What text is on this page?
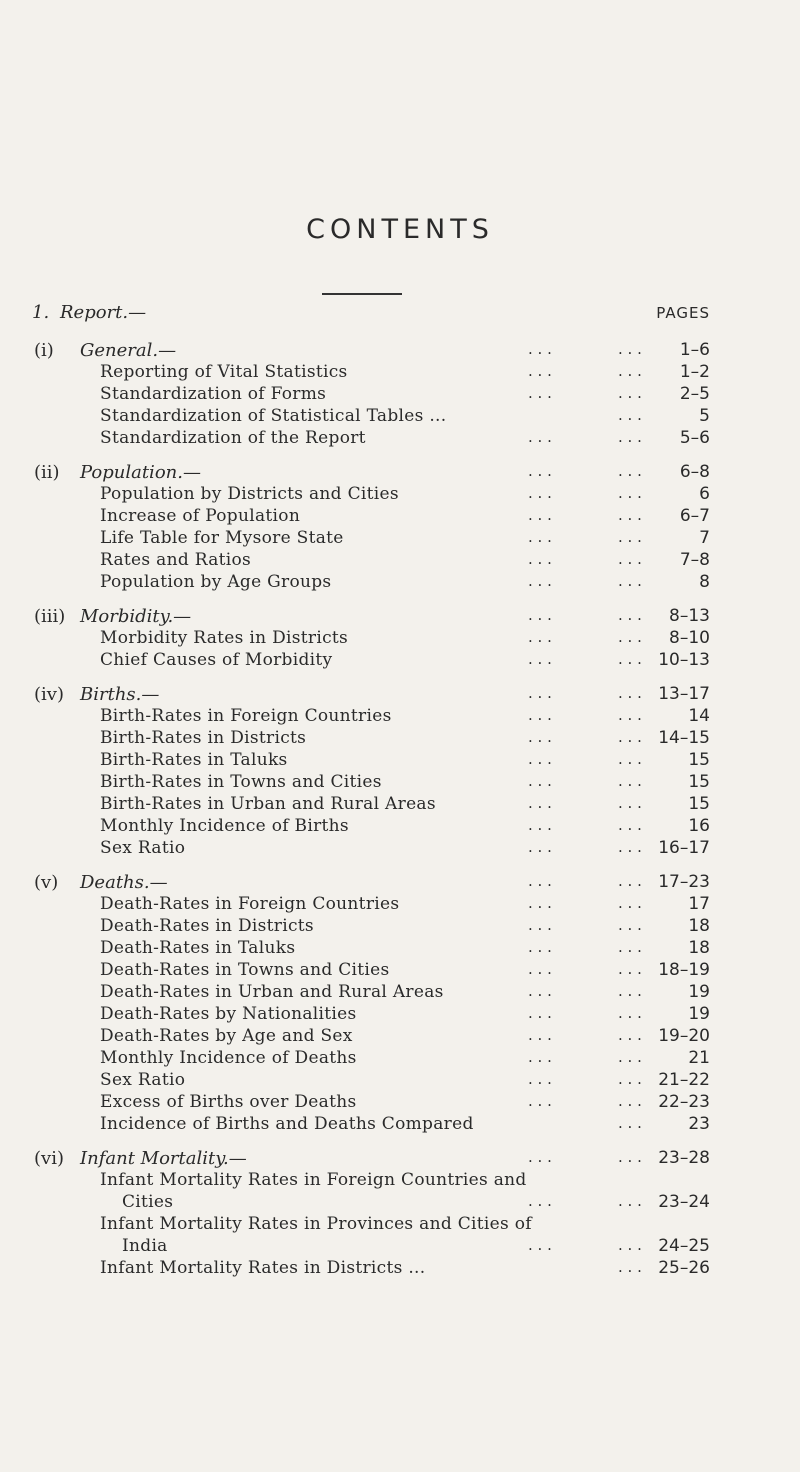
CONTENTS
1. Report.—	PAGES
(i) General.—	. . .	. . . 1–6
Reporting of Vital Statistics	. . .	. . . 1–2
Standardization of Forms	. . .	. . . 2–5
Standardization of Statistical Tables ...	. . .	5
Standardization of the Report	. . .	. . . 5–6
(ii) Population.—	. . .	. . . 6–8
Population by Districts and Cities	. . .	. . .	6
Increase of Population	. . .	. . . 6–7
Life Table for Mysore State	. . .	. . .	7
Rates and Ratios	. . .	. . . 7–8
Population by Age Groups	. . .	. . .	8
(iii) Morbidity.—	. . .	. . . 8–13
Morbidity Rates in Districts	. . .	. . . 8–10
Chief Causes of Morbidity	. . .	. . . 10–13
(iv) Births.—	. . .	. . . 13–17
Birth-Rates in Foreign Countries	. . .	. . .	14
Birth-Rates in Districts	. . .	. . . 14–15
Birth-Rates in Taluks	. . .	. . .	15
Birth-Rates in Towns and Cities	. . .	. . .	15
Birth-Rates in Urban and Rural Areas	. . .	. . .	15
Monthly Incidence of Births	. . .	. . .	16
Sex Ratio	. . .	. . . 16–17
(v) Deaths.—	. . .	. . . 17–23
Death-Rates in Foreign Countries	. . .	. . .	17
Death-Rates in Districts	. . .	. . .	18
Death-Rates in Taluks	. . .	. . .	18
Death-Rates in Towns and Cities	. . .	. . . 18–19
Death-Rates in Urban and Rural Areas	. . .	. . .	19
Death-Rates by Nationalities	. . .	. . .	19
Death-Rates by Age and Sex	. . .	. . . 19–20
Monthly Incidence of Deaths	. . .	. . .	21
Sex Ratio	. . .	. . . 21–22
Excess of Births over Deaths	. . .	. . . 22–23
Incidence of Births and Deaths Compared	. . .	23
(vi) Infant Mortality.—	. . .	. . . 23–28
Infant Mortality Rates in Foreign Countries and
Cities	. . .	. . . 23–24
Infant Mortality Rates in Provinces and Cities of
India	. . .	. . . 24–25
Infant Mortality Rates in Districts ...	. . . 25–26
